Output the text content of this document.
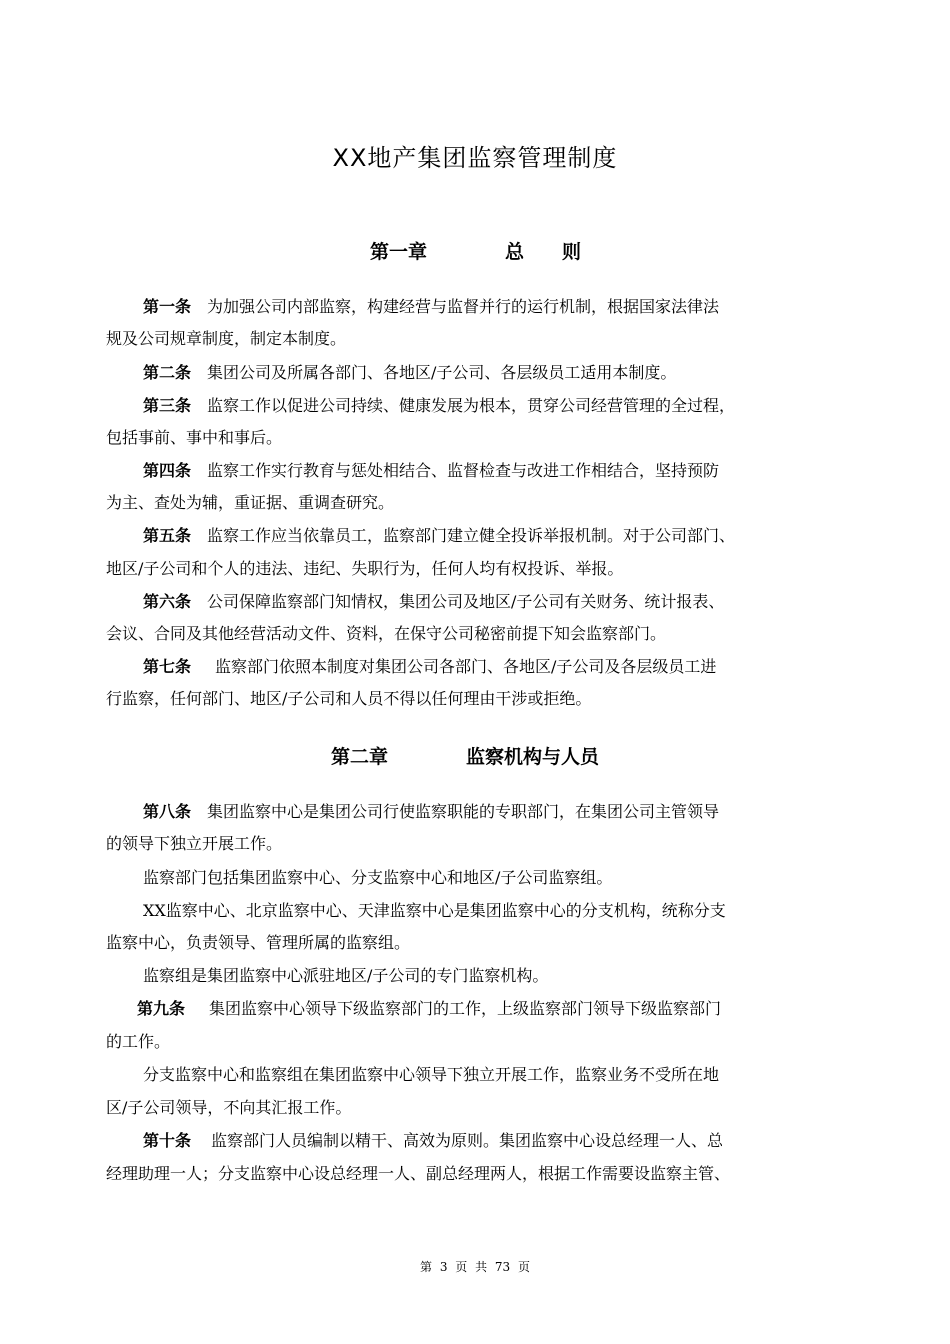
XX地产集团监察管理制度
第一章	总　　则
第一条 为加强公司内部监察，构建经营与监督并行的运行机制，根据国家法律法
规及公司规章制度，制定本制度。
第二条 集团公司及所属各部门、各地区/子公司、各层级员工适用本制度。
第三条 监察工作以促进公司持续、健康发展为根本，贯穿公司经营管理的全过程，
包括事前、事中和事后。
第四条 监察工作实行教育与惩处相结合、监督检查与改进工作相结合，坚持预防
为主、查处为辅，重证据、重调查研究。
第五条 监察工作应当依靠员工，监察部门建立健全投诉举报机制。对于公司部门、
地区/子公司和个人的违法、违纪、失职行为，任何人均有权投诉、举报。
第六条 公司保障监察部门知情权，集团公司及地区/子公司有关财务、统计报表、
会议、合同及其他经营活动文件、资料，在保守公司秘密前提下知会监察部门。
第七条 监察部门依照本制度对集团公司各部门、各地区/子公司及各层级员工进
行监察，任何部门、地区/子公司和人员不得以任何理由干涉或拒绝。
第二章	监察机构与人员
第八条 集团监察中心是集团公司行使监察职能的专职部门，在集团公司主管领导
的领导下独立开展工作。
监察部门包括集团监察中心、分支监察中心和地区/子公司监察组。
XX监察中心、北京监察中心、天津监察中心是集团监察中心的分支机构，统称分支
监察中心，负责领导、管理所属的监察组。
监察组是集团监察中心派驻地区/子公司的专门监察机构。
第九条 集团监察中心领导下级监察部门的工作，上级监察部门领导下级监察部门
的工作。
分支监察中心和监察组在集团监察中心领导下独立开展工作，监察业务不受所在地
区/子公司领导，不向其汇报工作。
第十条 监察部门人员编制以精干、高效为原则。集团监察中心设总经理一人、总
经理助理一人；分支监察中心设总经理一人、副总经理两人，根据工作需要设监察主管、
第 3 页 共 73 页
